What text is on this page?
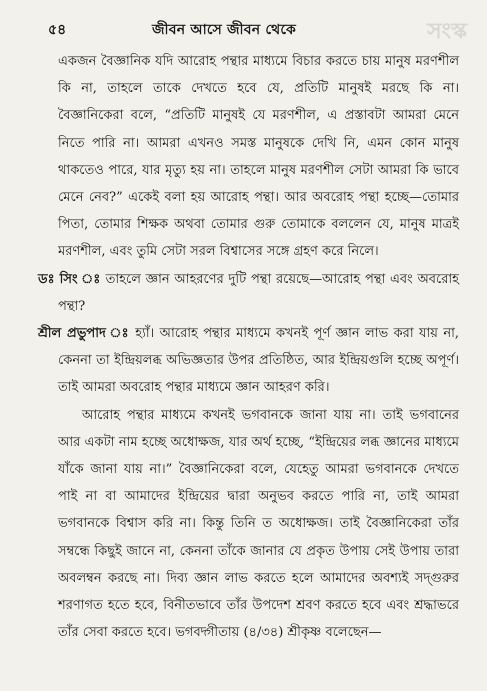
৫৪	জীবন আসে জীবন থেকে	সংস্ক

একজন বৈজ্ঞানিক যদি আরোহ পন্থার মাধ্যমে বিচার করতে চায় মানুষ মরণশীল কি না, তাহলে তাকে দেখতে হবে যে, প্রতিটি মানুষই মরছে কি না। বৈজ্ঞানিকেরা বলে, “প্রতিটি মানুষই যে মরণশীল, এ প্রস্তাবটা আমরা মেনে নিতে পারি না। আমরা এখনও সমস্ত মানুষকে দেখি নি, এমন কোন মানুষ থাকতেও পারে, যার মৃত্যু হয় না। তাহলে মানুষ মরণশীল সেটা আমরা কি ভাবে মেনে নেব?” একেই বলা হয় আরোহ পন্থা। আর অবরোহ পন্থা হচ্ছে—তোমার পিতা, তোমার শিক্ষক অথবা তোমার গুরু তোমাকে বললেন যে, মানুষ মাত্রই মরণশীল, এবং তুমি সেটা সরল বিশ্বাসের সঙ্গে গ্রহণ করে নিলে।

ডঃ সিং ঃ তাহলে জ্ঞান আহরণের দুটি পন্থা রয়েছে—আরোহ পন্থা এবং অবরোহ পন্থা?

শ্রীল প্রভুপাদ ঃ হ্যাঁ। আরোহ পন্থার মাধ্যমে কখনই পূর্ণ জ্ঞান লাভ করা যায় না, কেননা তা ইন্দ্রিয়লব্ধ অভিজ্ঞতার উপর প্রতিষ্ঠিত, আর ইন্দ্রিয়গুলি হচ্ছে অপূর্ণ। তাই আমরা অবরোহ পন্থার মাধ্যমে জ্ঞান আহরণ করি।

আরোহ পন্থার মাধ্যমে কখনই ভগবানকে জানা যায় না। তাই ভগবানের আর একটা নাম হচ্ছে অধোক্ষজ, যার অর্থ হচ্ছে, “ইন্দ্রিয়ের লব্ধ জ্ঞানের মাধ্যমে যাঁকে জানা যায় না।” বৈজ্ঞানিকেরা বলে, যেহেতু আমরা ভগবানকে দেখতে পাই না বা আমাদের ইন্দ্রিয়ের দ্বারা অনুভব করতে পারি না, তাই আমরা ভগবানকে বিশ্বাস করি না। কিন্তু তিনি ত অধোক্ষজ। তাই বৈজ্ঞানিকেরা তাঁর সম্বন্ধে কিছুই জানে না, কেননা তাঁকে জানার যে প্রকৃত উপায় সেই উপায় তারা অবলম্বন করছে না। দিব্য জ্ঞান লাভ করতে হলে আমাদের অবশ্যই সদ্‌গুরুর শরণাগত হতে হবে, বিনীতভাবে তাঁর উপদেশ শ্রবণ করতে হবে এবং শ্রদ্ধাভরে তাঁর সেবা করতে হবে। ভগবদ্গীতায় (৪/৩৪) শ্রীকৃষ্ণ বলেছেন—
